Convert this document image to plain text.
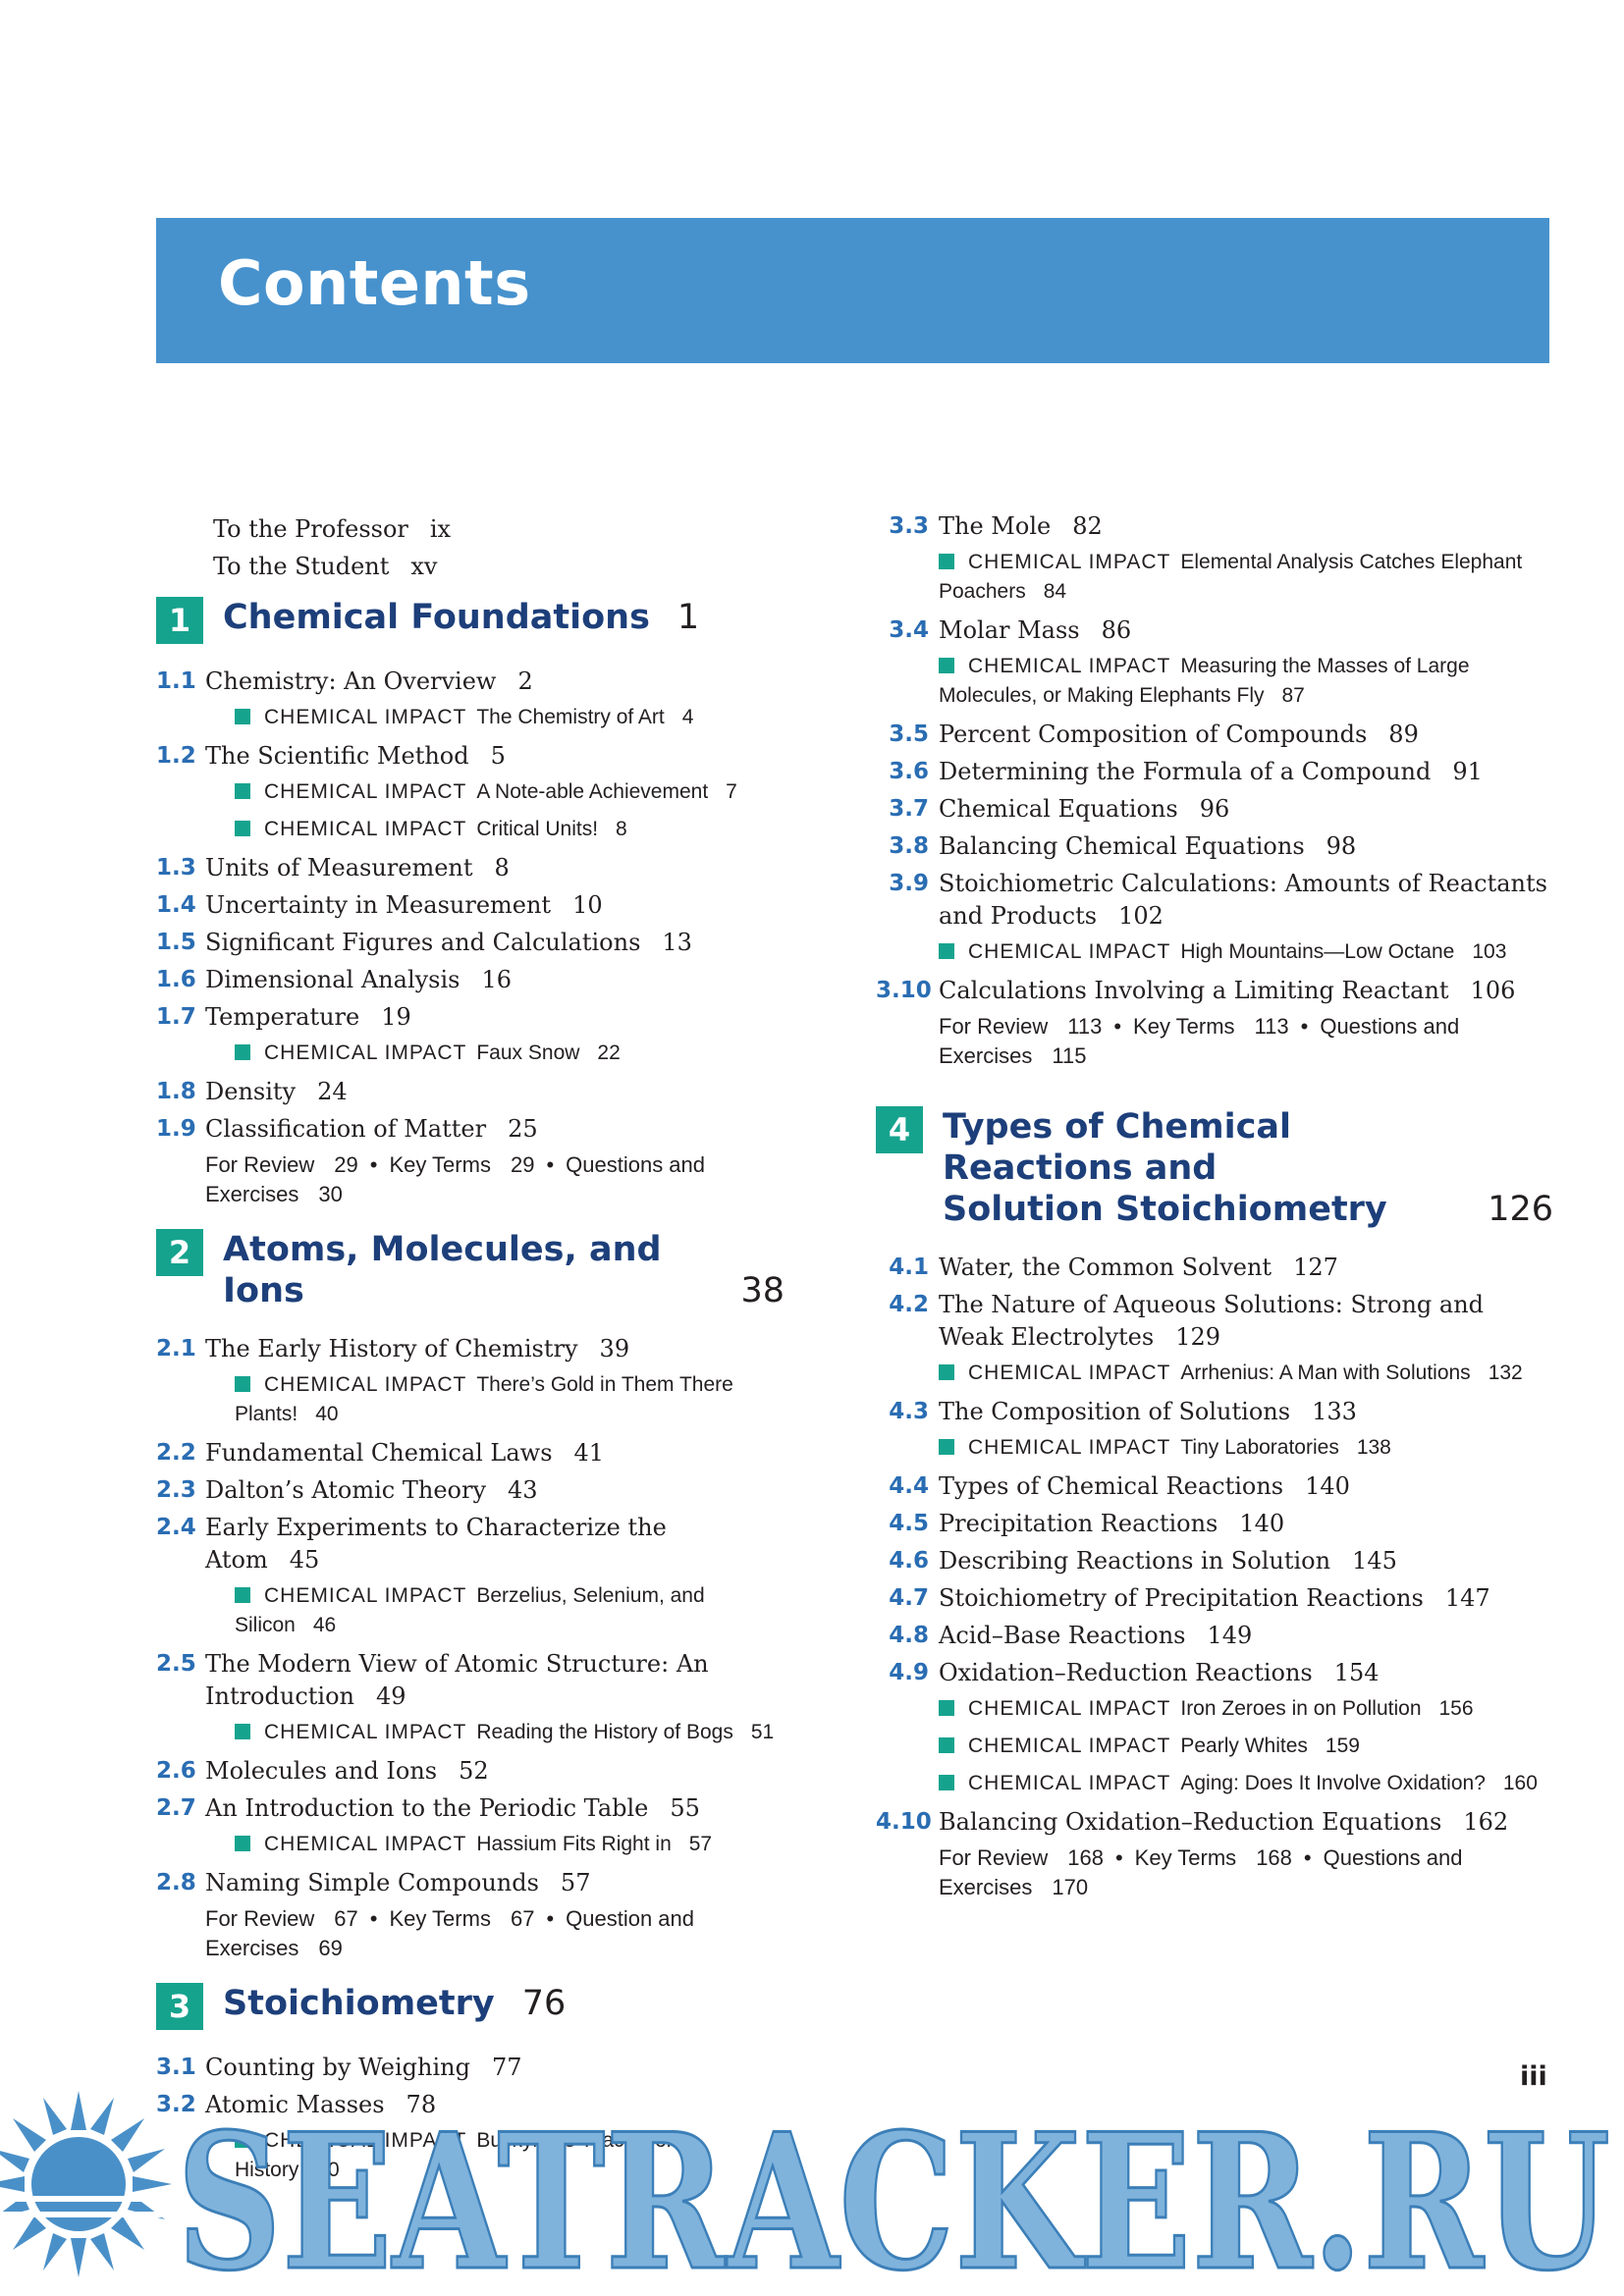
Contents
To the Professor ix
To the Student xv
1 Chemical Foundations 1
1.1 Chemistry: An Overview 2
CHEMICAL IMPACT The Chemistry of Art 4
1.2 The Scientific Method 5
CHEMICAL IMPACT A Note-able Achievement 7
CHEMICAL IMPACT Critical Units! 8
1.3 Units of Measurement 8
1.4 Uncertainty in Measurement 10
1.5 Significant Figures and Calculations 13
1.6 Dimensional Analysis 16
1.7 Temperature 19
CHEMICAL IMPACT Faux Snow 22
1.8 Density 24
1.9 Classification of Matter 25
For Review 29 • Key Terms 29 • Questions and Exercises 30
2 Atoms, Molecules, and Ions	38
2.1 The Early History of Chemistry 39
CHEMICAL IMPACT There’s Gold in Them There Plants! 40
2.2 Fundamental Chemical Laws 41
2.3 Dalton’s Atomic Theory 43
2.4 Early Experiments to Characterize the Atom 45
CHEMICAL IMPACT Berzelius, Selenium, and Silicon 46
2.5 The Modern View of Atomic Structure: An Introduction 49
CHEMICAL IMPACT Reading the History of Bogs 51
2.6 Molecules and Ions 52
2.7 An Introduction to the Periodic Table 55
CHEMICAL IMPACT Hassium Fits Right in 57
2.8 Naming Simple Compounds 57
For Review 67 • Key Terms 67 • Question and Exercises 69
3 Stoichiometry 76
3.1 Counting by Weighing 77
3.2 Atomic Masses 78
CHEMICAL IMPACT Buckyballs Teach Some History 80
3.3 The Mole 82
CHEMICAL IMPACT Elemental Analysis Catches Elephant Poachers 84
3.4 Molar Mass 86
CHEMICAL IMPACT Measuring the Masses of Large Molecules, or Making Elephants Fly 87
3.5 Percent Composition of Compounds 89
3.6 Determining the Formula of a Compound 91
3.7 Chemical Equations 96
3.8 Balancing Chemical Equations 98
3.9 Stoichiometric Calculations: Amounts of Reactants and Products 102
CHEMICAL IMPACT High Mountains—Low Octane 103
3.10 Calculations Involving a Limiting Reactant 106
For Review 113 • Key Terms 113 • Questions and Exercises 115
4 Types of Chemical Reactions and
Solution Stoichiometry	126
4.1 Water, the Common Solvent 127
4.2 The Nature of Aqueous Solutions: Strong and Weak Electrolytes 129
CHEMICAL IMPACT Arrhenius: A Man with Solutions 132
4.3 The Composition of Solutions 133
CHEMICAL IMPACT Tiny Laboratories 138
4.4 Types of Chemical Reactions 140
4.5 Precipitation Reactions 140
4.6 Describing Reactions in Solution 145
4.7 Stoichiometry of Precipitation Reactions 147
4.8 Acid–Base Reactions 149
4.9 Oxidation–Reduction Reactions 154
CHEMICAL IMPACT Iron Zeroes in on Pollution 156
CHEMICAL IMPACT Pearly Whites 159
CHEMICAL IMPACT Aging: Does It Involve Oxidation? 160
4.10 Balancing Oxidation–Reduction Equations 162
For Review 168 • Key Terms 168 • Questions and Exercises 170
iii
SEATRACKER.RU
